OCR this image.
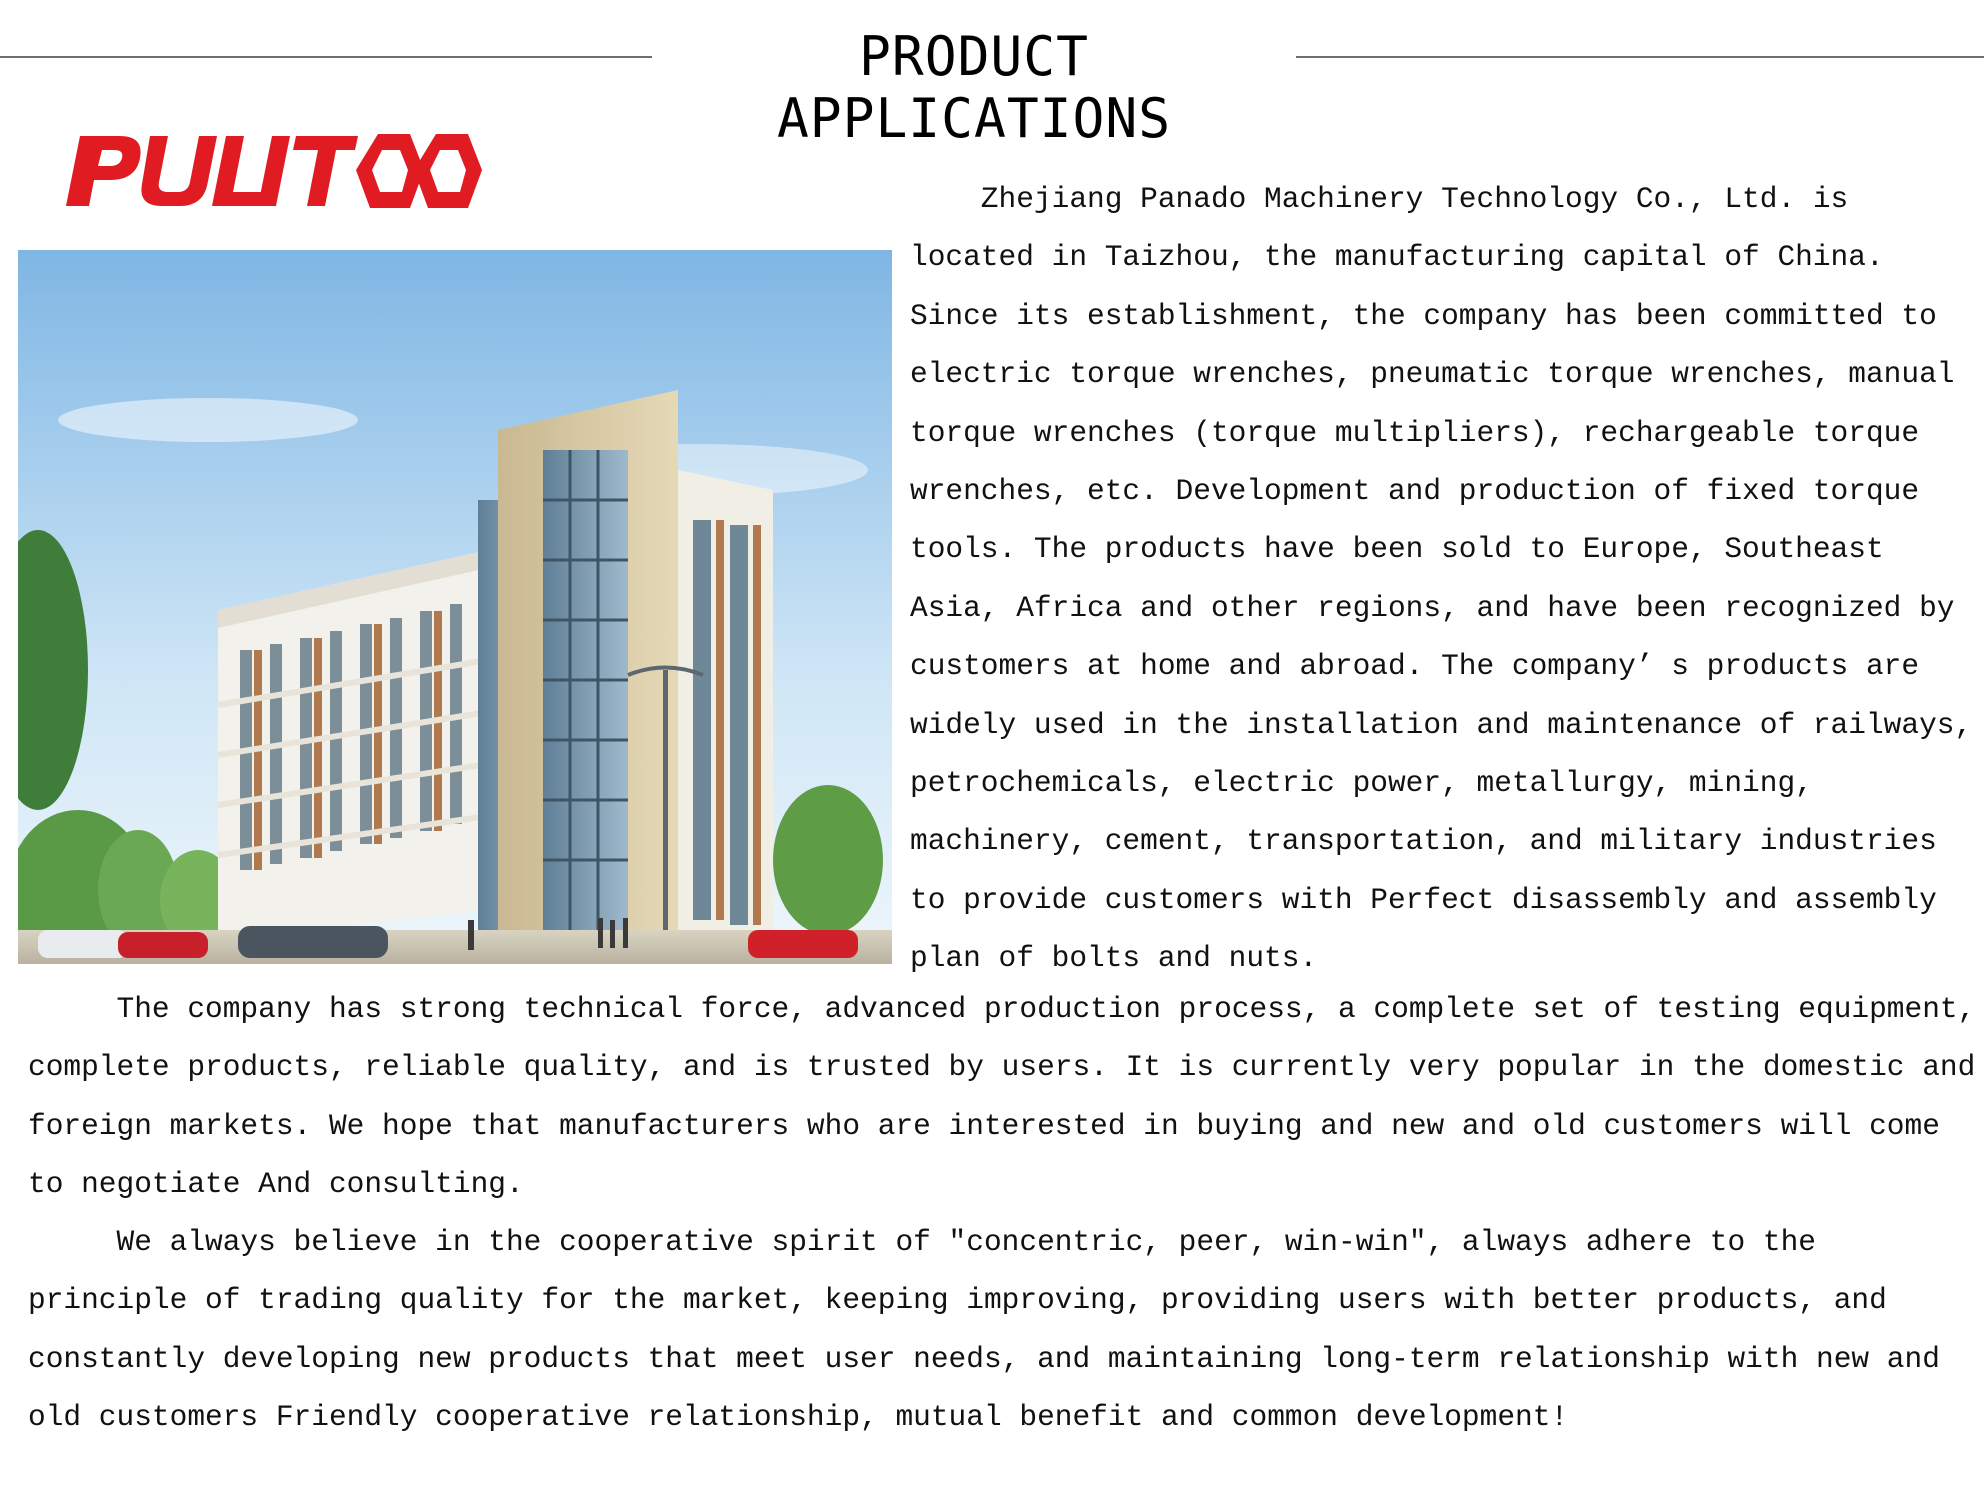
PRODUCT APPLICATIONS
Zhejiang Panado Machinery Technology Co., Ltd. is
located in Taizhou, the manufacturing capital of China.
Since its establishment, the company has been committed to
electric torque wrenches, pneumatic torque wrenches, manual
torque wrenches (torque multipliers), rechargeable torque
wrenches, etc. Development and production of fixed torque
tools. The products have been sold to Europe, Southeast
Asia, Africa and other regions, and have been recognized by
customers at home and abroad. The company’ s products are
widely used in the installation and maintenance of railways,
petrochemicals, electric power, metallurgy, mining,
machinery, cement, transportation, and military industries
to provide customers with Perfect disassembly and assembly
plan of bolts and nuts.
The company has strong technical force, advanced production process, a complete set of testing equipment,
complete products, reliable quality, and is trusted by users. It is currently very popular in the domestic and
foreign markets. We hope that manufacturers who are interested in buying and new and old customers will come
to negotiate And consulting.
We always believe in the cooperative spirit of "concentric, peer, win-win", always adhere to the
principle of trading quality for the market, keeping improving, providing users with better products, and
constantly developing new products that meet user needs, and maintaining long-term relationship with new and
old customers Friendly cooperative relationship, mutual benefit and common development!
